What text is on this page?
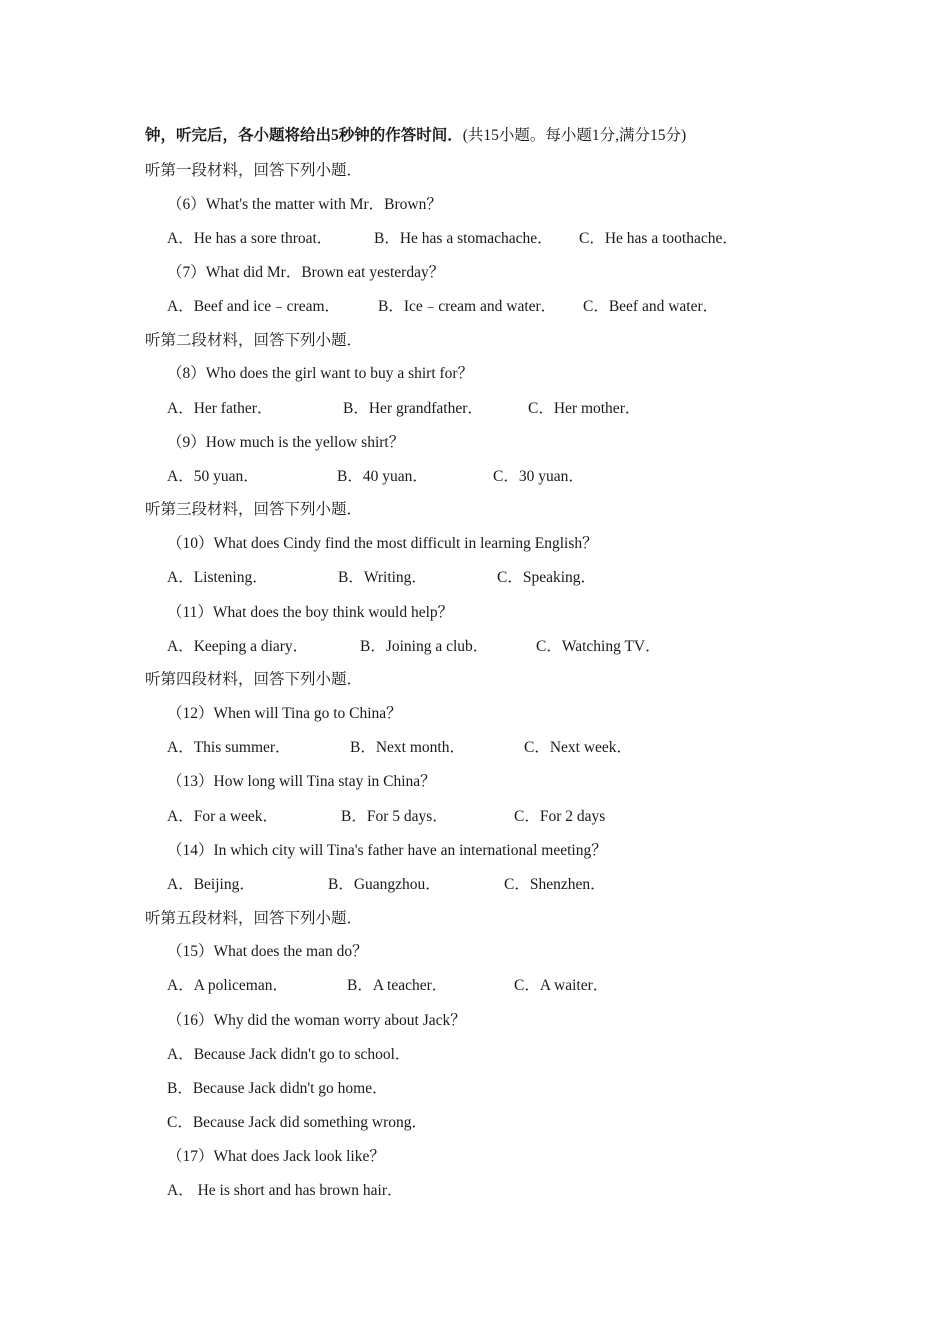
钟，听完后，各小题将给出5秒钟的作答时间．(共15小题。每小题1分,满分15分)
听第一段材料，回答下列小题．
（6）What's the matter with Mr．Brown？
A．He has a sore throat．	B．He has a stomachache． C．He has a toothache．
（7）What did Mr．Brown eat yesterday？
A．Beef and ice﹣cream． B．Ice﹣cream and water． C．Beef and water．
听第二段材料，回答下列小题．
（8）Who does the girl want to buy a shirt for？
A．Her father．	B．Her grandfather．	C．Her mother．
（9）How much is the yellow shirt？
A．50 yuan．	B．40 yuan．	C．30 yuan．
听第三段材料，回答下列小题．
（10）What does Cindy find the most difficult in learning English？
A．Listening．	B．Writing．	C．Speaking．
（11）What does the boy think would help？
A．Keeping a diary．	B．Joining a club．	C．Watching TV．
听第四段材料，回答下列小题．
（12）When will Tina go to China？
A．This summer．	B．Next month．	C．Next week．
（13）How long will Tina stay in China？
A．For a week．	B．For 5 days．	C．For 2 days
（14）In which city will Tina's father have an international meeting？
A．Beijing．	B．Guangzhou．	C．Shenzhen．
听第五段材料，回答下列小题．
（15）What does the man do？
A．A policeman．	B．A teacher．	C．A waiter．
（16）Why did the woman worry about Jack？
A．Because Jack didn't go to school．
B．Because Jack didn't go home．
C．Because Jack did something wrong．
（17）What does Jack look like？
A． He is short and has brown hair．
